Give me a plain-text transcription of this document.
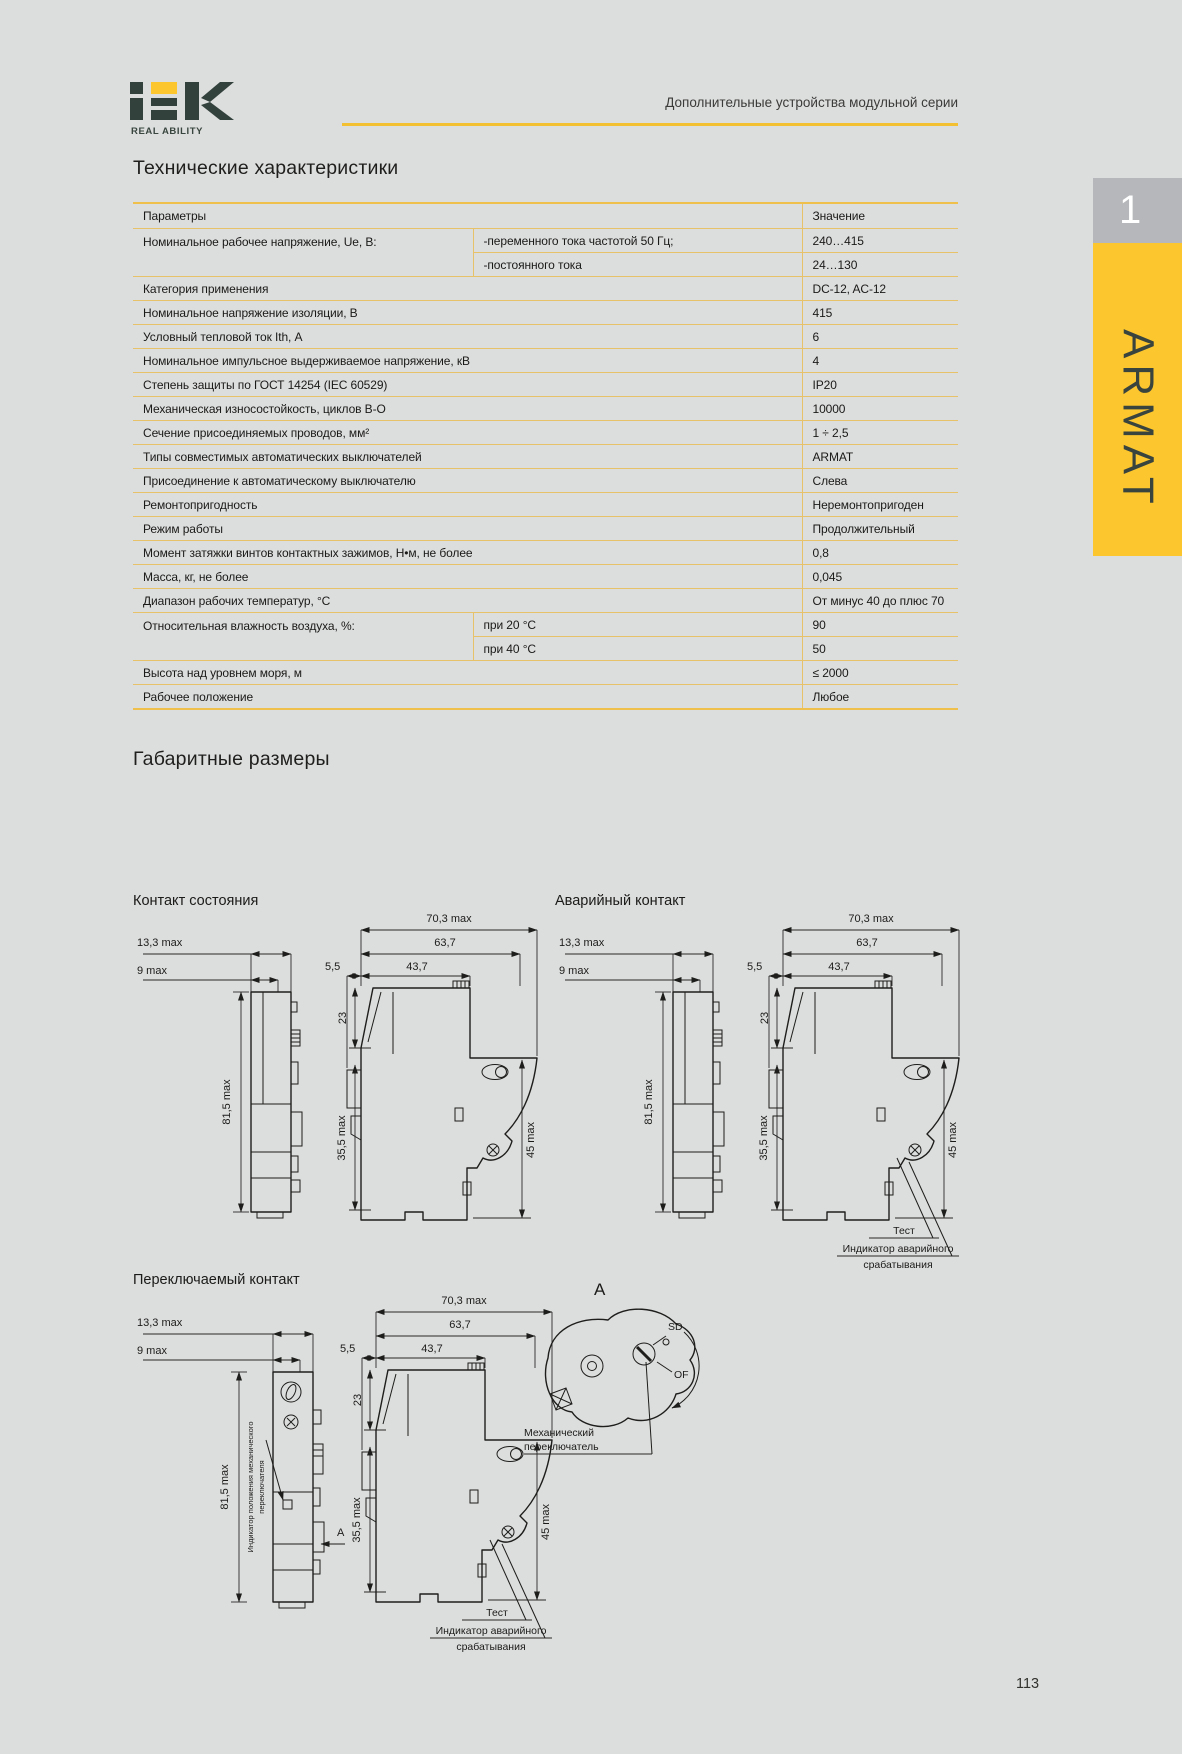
REAL ABILITY
Дополнительные устройства модульной серии
1
ARMAT
Технические характеристики
Параметры		Значение
Номинальное рабочее напряжение, Ue, В:	-переменного тока частотой 50 Гц;	240…415
	-постоянного тока	24…130
Категория применения		DC-12, AC-12
Номинальное напряжение изоляции, В		415
Условный тепловой ток Ith, А		6
Номинальное импульсное выдерживаемое напряжение, кВ		4
Степень защиты по ГОСТ 14254 (IEC 60529)		IP20
Механическая износостойкость, циклов В-О		10000
Сечение присоединяемых проводов, мм²		1 ÷ 2,5
Типы совместимых автоматических выключателей		ARMAT
Присоединение к автоматическому выключателю		Слева
Ремонтопригодность		Неремонтопригоден
Режим работы		Продолжительный
Момент затяжки винтов контактных зажимов, Н•м, не более		0,8
Масса, кг, не более		0,045
Диапазон рабочих температур, °С		От минус 40 до плюс 70
Относительная влажность воздуха, %:	при 20 °С	90
	при 40 °С	50
Высота над уровнем моря, м		≤ 2000
Рабочее положение		Любое
Габаритные размеры
Контакт состояния	Аварийный контакт
13,3 max
9 max
81,5 max
70,3 max
63,7
5,5	43,7
23
35,5 max	45 max
13,3 max
9 max
81,5 max
70,3 max
63,7
5,5	43,7
23
35,5 max	45 max
Тест
Индикатор аварийного
срабатывания
Переключаемый контакт	A
13,3 max
9 max
81,5 max Индикатор положения механического переключателя
A
70,3 max
63,7
5,5	43,7
23
35,5 max	45 max
Тест
Индикатор аварийного
срабатывания
SD
OF
Механический
переключатель
113
